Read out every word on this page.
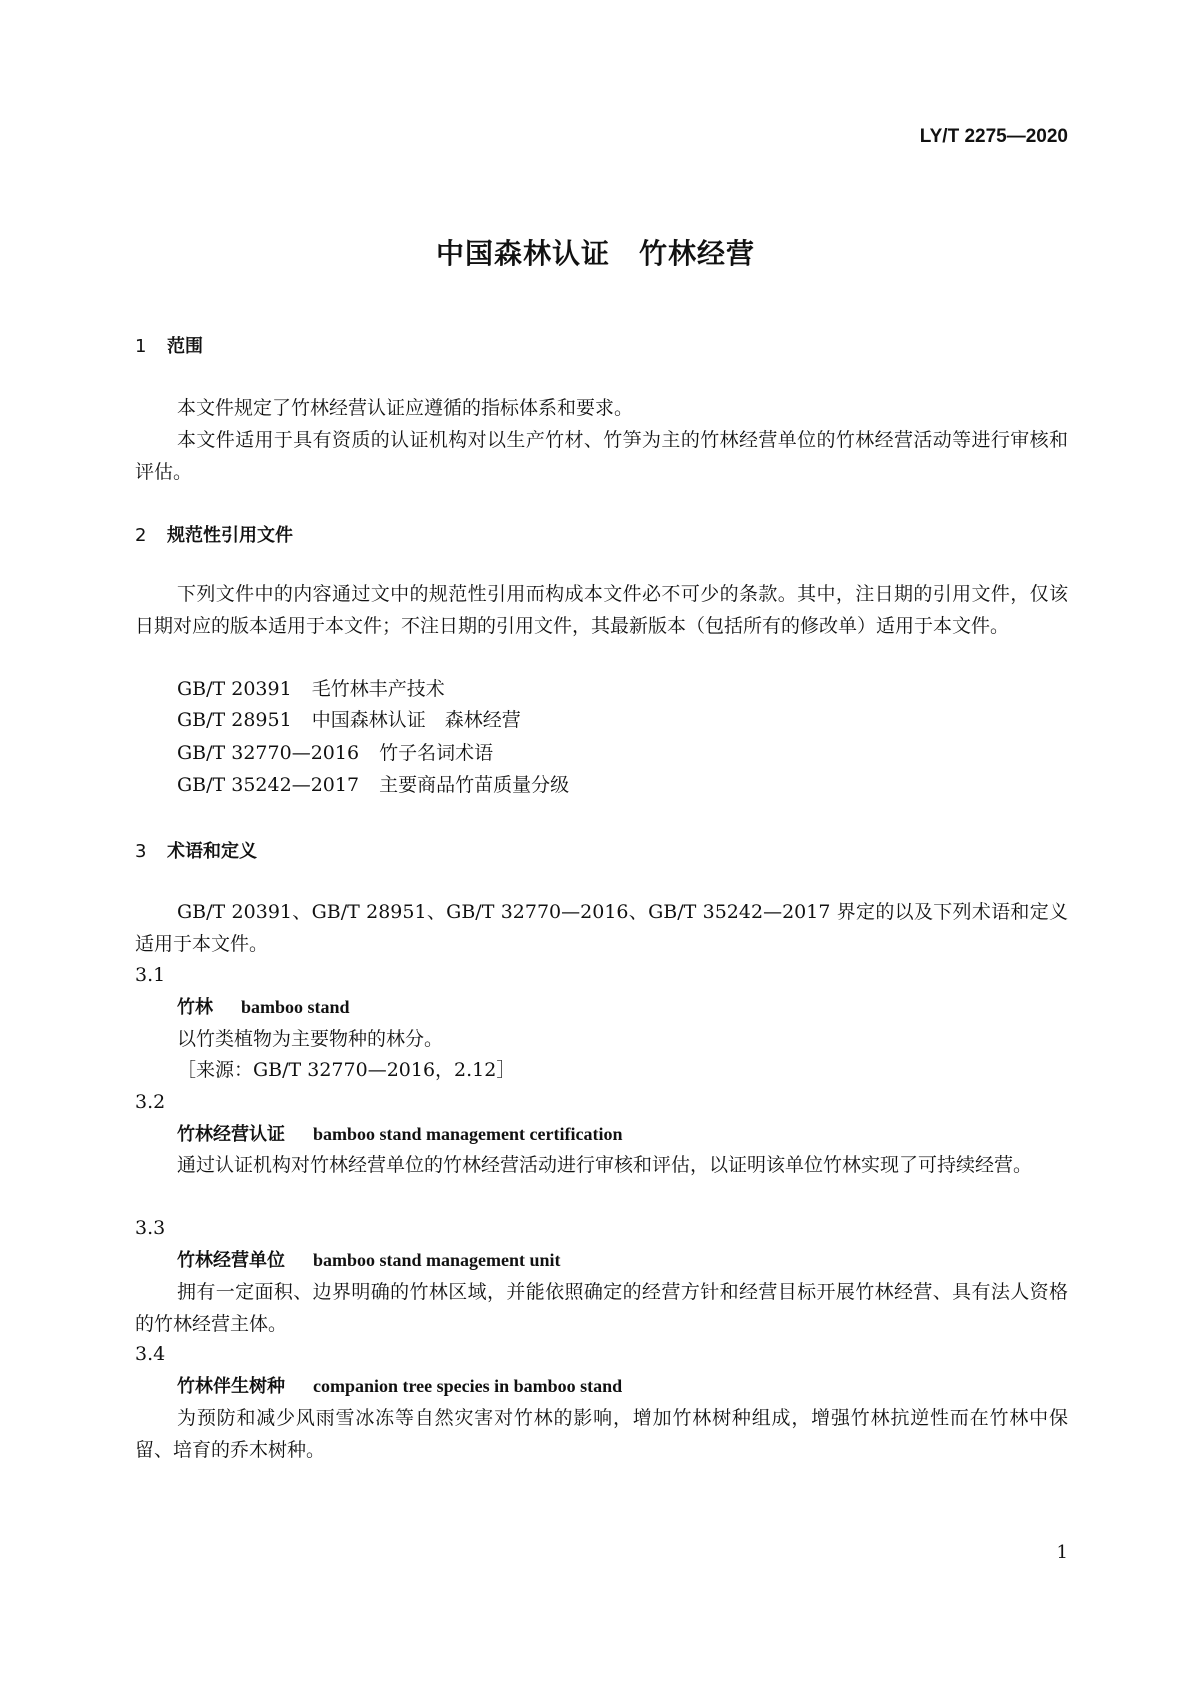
LY/T 2275—2020
中国森林认证　竹林经营
1 范围
本文件规定了竹林经营认证应遵循的指标体系和要求。
本文件适用于具有资质的认证机构对以生产竹材、竹笋为主的竹林经营单位的竹林经营活动等进行审核和评估。
2 规范性引用文件
下列文件中的内容通过文中的规范性引用而构成本文件必不可少的条款。其中，注日期的引用文件，仅该日期对应的版本适用于本文件；不注日期的引用文件，其最新版本（包括所有的修改单）适用于本文件。
GB/T 20391 毛竹林丰产技术
GB/T 28951 中国森林认证　森林经营
GB/T 32770—2016 竹子名词术语
GB/T 35242—2017 主要商品竹苗质量分级
3 术语和定义
GB/T 20391、GB/T 28951、GB/T 32770—2016、GB/T 35242—2017 界定的以及下列术语和定义适用于本文件。
3.1
竹林 bamboo stand
以竹类植物为主要物种的林分。
［来源：GB/T 32770—2016，2.12］
3.2
竹林经营认证 bamboo stand management certification
通过认证机构对竹林经营单位的竹林经营活动进行审核和评估，以证明该单位竹林实现了可持续经营。
3.3
竹林经营单位 bamboo stand management unit
拥有一定面积、边界明确的竹林区域，并能依照确定的经营方针和经营目标开展竹林经营、具有法人资格的竹林经营主体。
3.4
竹林伴生树种 companion tree species in bamboo stand
为预防和减少风雨雪冰冻等自然灾害对竹林的影响，增加竹林树种组成，增强竹林抗逆性而在竹林中保留、培育的乔木树种。
1
